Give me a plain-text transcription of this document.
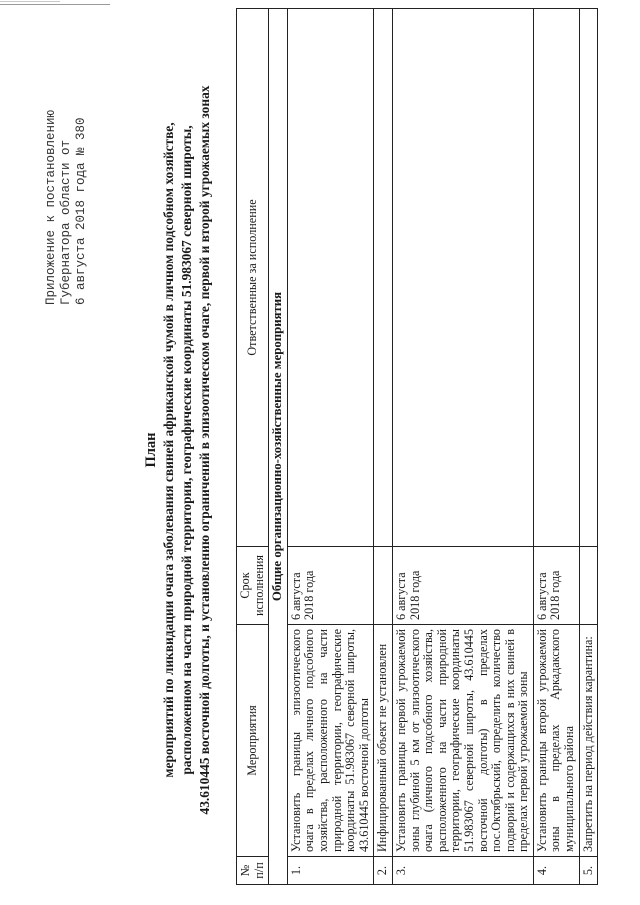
Приложение к постановлению Губернатора области от 6 августа 2018 года № 380
План мероприятий по ликвидации очага заболевания свиней африканской чумой в личном подсобном хозяйстве, расположенном на части природной территории, географические координаты 51.983067 северной широты, 43.610445 восточной долготы, и установлению ограничений в эпизоотическом очаге, первой и второй угрожаемых зонах
№ п/п	Мероприятия	Срок исполнения	Ответственные за исполнение
Общие организационно-хозяйственные мероприятия			
1.	Установить границы эпизоотического очага в пределах личного подсобного хозяйства, расположенного на части природной территории, географические координаты 51.983067 северной широты, 43.610445 восточной долготы	6 августа 2018 года	
2.	Инфицированный объект не установлен		
3.	Установить границы первой угрожаемой зоны глубиной 5 км от эпизоотического очага (личного подсобного хозяйства, расположенного на части природной территории, географические координаты 51.983067 северной широты, 43.610445 восточной долготы) в пределах пос.Октябрьский, определить количество подворий и содержащихся в них свиней в пределах первой угрожаемой зоны	6 августа 2018 года	
4.	Установить границы второй угрожаемой зоны в пределах Аркадакского муниципального района	6 августа 2018 года	
5.	Запретить на период действия карантина:		
